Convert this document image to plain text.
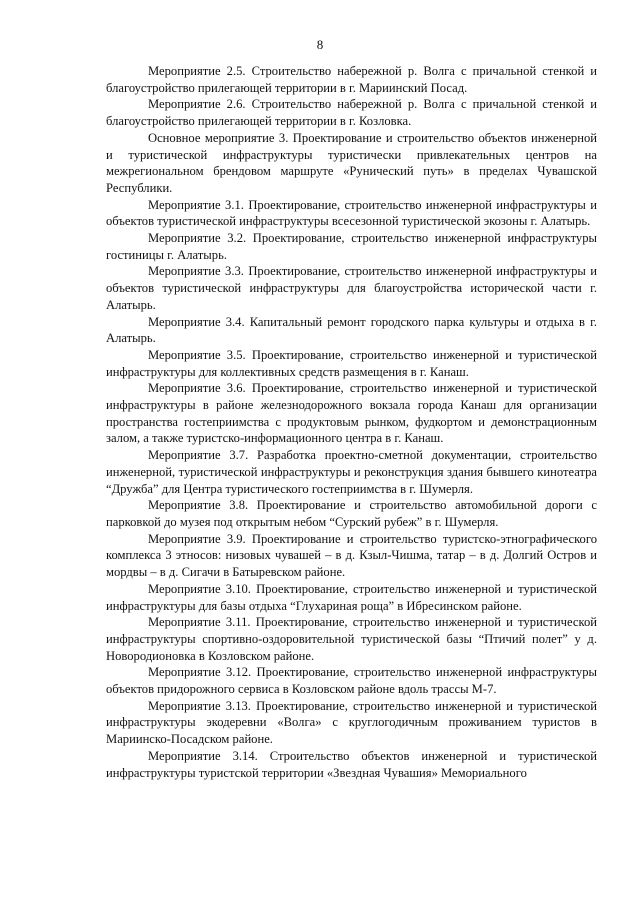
8

Мероприятие 2.5. Строительство набережной р. Волга с причальной стенкой и благоустройство прилегающей территории в г. Мариинский Посад.

Мероприятие 2.6. Строительство набережной р. Волга с причальной стенкой и благоустройство прилегающей территории в г. Козловка.

Основное мероприятие 3. Проектирование и строительство объектов инженерной и туристической инфраструктуры туристически привлекательных центров на межрегиональном брендовом маршруте «Рунический путь» в пределах Чувашской Республики.

Мероприятие 3.1. Проектирование, строительство инженерной инфраструктуры и объектов туристической инфраструктуры всесезонной туристической экозоны г. Алатырь.

Мероприятие 3.2. Проектирование, строительство инженерной инфраструктуры гостиницы г. Алатырь.

Мероприятие 3.3. Проектирование, строительство инженерной инфраструктуры и объектов туристической инфраструктуры для благоустройства исторической части г. Алатырь.

Мероприятие 3.4. Капитальный ремонт городского парка культуры и отдыха в г. Алатырь.

Мероприятие 3.5. Проектирование, строительство инженерной и туристической инфраструктуры для коллективных средств размещения в г. Канаш.

Мероприятие 3.6. Проектирование, строительство инженерной и туристической инфраструктуры в районе железнодорожного вокзала города Канаш для организации пространства гостеприимства с продуктовым рынком, фудкортом и демонстрационным залом, а также туристско-информационного центра в г. Канаш.

Мероприятие 3.7. Разработка проектно-сметной документации, строительство инженерной, туристической инфраструктуры и реконструкция здания бывшего кинотеатра “Дружба” для Центра туристического гостеприимства в г. Шумерля.

Мероприятие 3.8. Проектирование и строительство автомобильной дороги с парковкой до музея под открытым небом “Сурский рубеж” в г. Шумерля.

Мероприятие 3.9. Проектирование и строительство туристско-этнографического комплекса 3 этносов: низовых чувашей – в д. Кзыл-Чишма, татар – в д. Долгий Остров и мордвы – в д. Сигачи в Батыревском районе.

Мероприятие 3.10. Проектирование, строительство инженерной и туристической инфраструктуры для базы отдыха “Глухариная роща” в Ибресинском районе.

Мероприятие 3.11. Проектирование, строительство инженерной и туристической инфраструктуры спортивно-оздоровительной туристической базы “Птичий полет” у д. Новородионовка в Козловском районе.

Мероприятие 3.12. Проектирование, строительство инженерной инфраструктуры объектов придорожного сервиса в Козловском районе вдоль трассы М-7.

Мероприятие 3.13. Проектирование, строительство инженерной и туристической инфраструктуры экодеревни «Волга» с круглогодичным проживанием туристов в Мариинско-Посадском районе.

Мероприятие 3.14. Строительство объектов инженерной и туристической инфраструктуры туристской территории «Звездная Чувашия» Мемориального
